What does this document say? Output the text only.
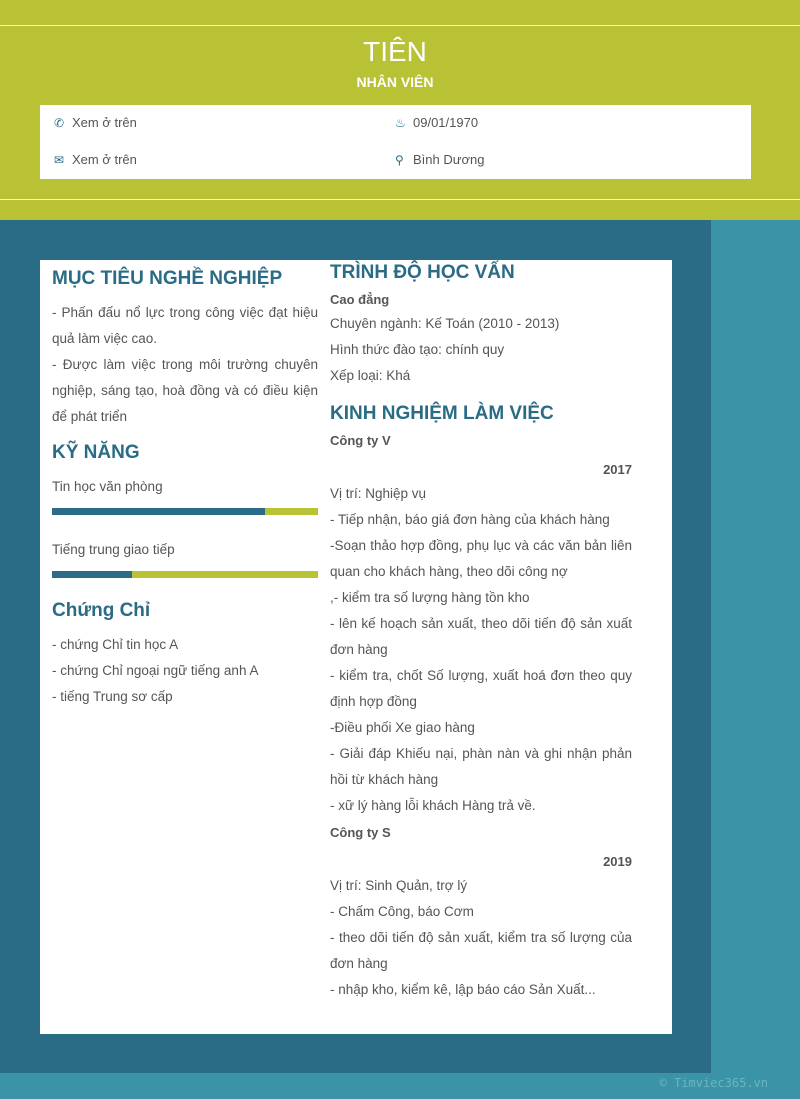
TIÊN
NHÂN VIÊN
✆ Xem ở trên	♨ 09/01/1970
✉ Xem ở trên	⚲ Bình Dương
MỤC TIÊU NGHỀ NGHIỆP
- Phấn đấu nổ lực trong công việc đạt hiệu quả làm việc cao.
- Được làm việc trong môi trường chuyên nghiệp, sáng tạo, hoà đồng và có điều kiện để phát triển
KỸ NĂNG
Tin học văn phòng
Tiếng trung giao tiếp
Chứng Chỉ
- chứng Chỉ tin học A
- chứng Chỉ ngoại ngữ tiếng anh A
- tiếng Trung sơ cấp
TRÌNH ĐỘ HỌC VẤN
Cao đẳng
Chuyên ngành: Kế Toán (2010 - 2013)
Hình thức đào tạo: chính quy
Xếp loại: Khá
KINH NGHIỆM LÀM VIỆC
Công ty V
2017
Vị trí: Nghiệp vụ
- Tiếp nhận, báo giá đơn hàng của khách hàng
-Soạn thảo hợp đồng, phụ lục và các văn bản liên quan cho khách hàng, theo dõi công nợ
,- kiểm tra số lượng hàng tồn kho
- lên kế hoạch sản xuất, theo dõi tiến độ sản xuất đơn hàng
- kiểm tra, chốt Số lượng, xuất hoá đơn theo quy định hợp đồng
-Điều phối Xe giao hàng
- Giải đáp Khiếu nại, phàn nàn và ghi nhận phản hồi từ khách hàng
- xữ lý hàng lỗi khách Hàng trả về.
Công ty S
2019
Vị trí: Sinh Quản, trợ lý
- Chấm Công, báo Cơm
- theo dõi tiến độ sản xuất, kiểm tra số lượng của đơn hàng
- nhập kho, kiểm kê, lập báo cáo Sản Xuất...
© Timviec365.vn
